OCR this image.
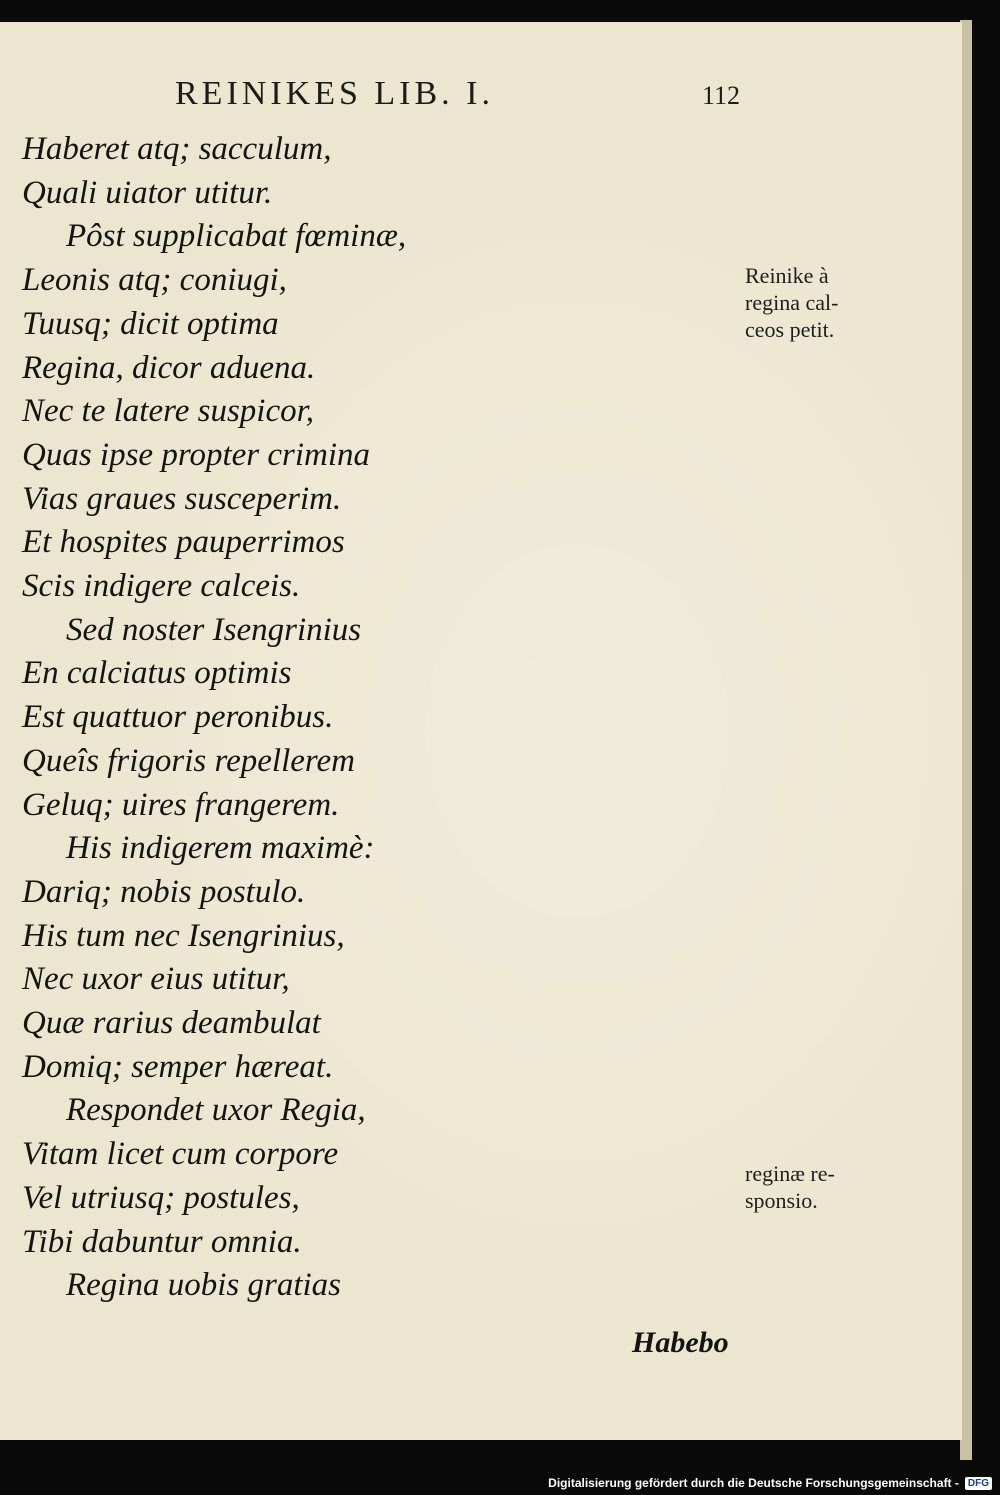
REINIKES LIB. I.	112
Haberet atq; sacculum,
Quali uiator utitur.
Pôst supplicabat fœminæ,
Leonis atq; coniugi,
Tuusq; dicit optima
Regina, dicor aduena.
Nec te latere suspicor,
Quas ipse propter crimina
Vias graues susceperim.
Et hospites pauperrimos
Scis indigere calceis.
Sed noster Isengrinius
En calciatus optimis
Est quattuor peronibus.
Queîs frigoris repellerem
Geluq; uires frangerem.
His indigerem maximè:
Dariq; nobis postulo.
His tum nec Isengrinius,
Nec uxor eius utitur,
Quæ rarius deambulat
Domiq; semper hæreat.
Respondet uxor Regia,
Vitam licet cum corpore
Vel utriusq; postules,
Tibi dabuntur omnia.
Regina uobis gratias
Reinike à
regina cal-
ceos petit.
reginæ re-
sponsio.
Habebo
Digitalisierung gefördert durch die Deutsche Forschungsgemeinschaft - DFG
